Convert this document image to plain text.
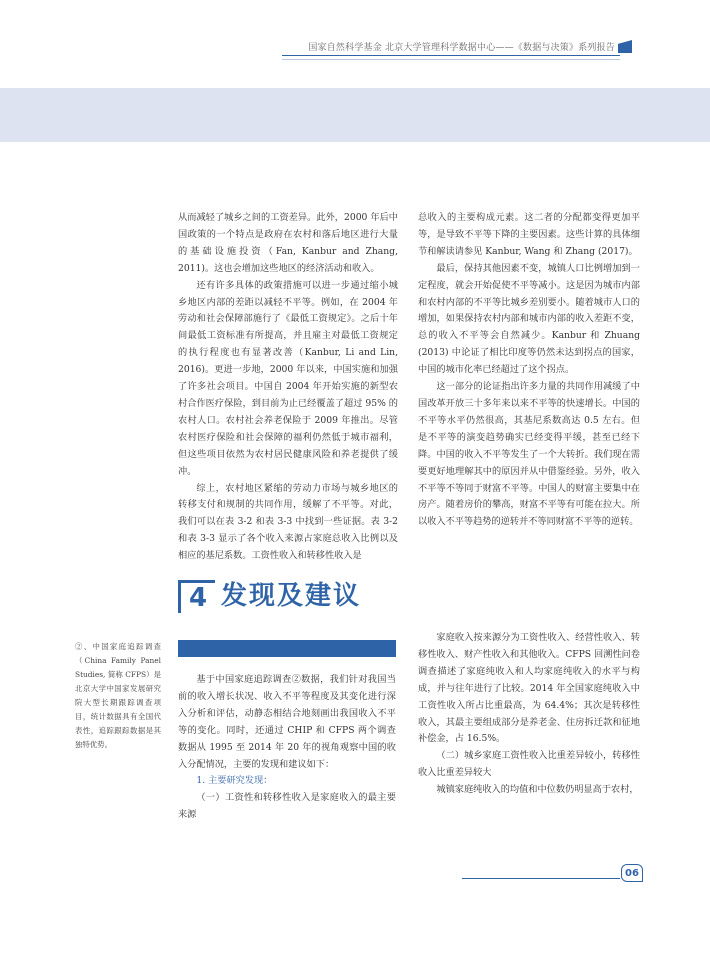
国家自然科学基金 北京大学管理科学数据中心——《数据与决策》系列报告

从而减轻了城乡之间的工资差异。此外，2000 年后中国政策的一个特点是政府在农村和落后地区进行大量的基础设施投资（Fan, Kanbur and Zhang, 2011)。这也会增加这些地区的经济活动和收入。

还有许多具体的政策措施可以进一步通过缩小城乡地区内部的差距以减轻不平等。例如，在 2004 年劳动和社会保障部施行了《最低工资规定》。之后十年间最低工资标准有所提高，并且雇主对最低工资规定的执行程度也有显著改善（Kanbur, Li and Lin, 2016)。更进一步地，2000 年以来，中国实施和加强了许多社会项目。中国自 2004 年开始实施的新型农村合作医疗保险，到目前为止已经覆盖了超过 95% 的农村人口。农村社会养老保险于 2009 年推出。尽管农村医疗保险和社会保障的福利仍然低于城市福利，但这些项目依然为农村居民健康风险和养老提供了缓冲。

综上，农村地区紧缩的劳动力市场与城乡地区的转移支付和规制的共同作用，缓解了不平等。对此，我们可以在表 3-2 和表 3-3 中找到一些证据。表 3-2 和表 3-3 显示了各个收入来源占家庭总收入比例以及相应的基尼系数。工资性收入和转移性收入是

总收入的主要构成元素。这二者的分配都变得更加平等，是导致不平等下降的主要因素。这些计算的具体细节和解读请参见 Kanbur, Wang 和 Zhang (2017)。

最后，保持其他因素不变，城镇人口比例增加到一定程度，就会开始促使不平等减小。这是因为城市内部和农村内部的不平等比城乡差别要小。随着城市人口的增加，如果保持农村内部和城市内部的收入差距不变，总的收入不平等会自然减少。Kanbur 和 Zhuang (2013) 中论证了相比印度等仍然未达到拐点的国家，中国的城市化率已经超过了这个拐点。

这一部分的论证指出许多力量的共同作用减缓了中国改革开放三十多年来以来不平等的快速增长。中国的不平等水平仍然很高，其基尼系数高达 0.5 左右。但是不平等的演变趋势确实已经变得平缓，甚至已经下降。中国的收入不平等发生了一个大转折。我们现在需要更好地理解其中的原因并从中借鉴经验。另外，收入不平等不等同于财富不平等。中国人的财富主要集中在房产。随着房价的攀高，财富不平等有可能在拉大。所以收入不平等趋势的逆转并不等同财富不平等的逆转。

4 发现及建议
②、中国家庭追踪调查（China Family Panel Studies, 简称 CFPS）是北京大学中国家发展研究院大型长期跟踪调查项目，统计数据具有全国代表性，追踪跟踪数据是其独特优势。

基于中国家庭追踪调查②数据，我们针对我国当前的收入增长状况、收入不平等程度及其变化进行深入分析和评估，动静态相结合地刻画出我国收入不平等的变化。同时，还通过 CHIP 和 CFPS 两个调查数据从 1995 至 2014 年 20 年的视角观察中国的收入分配情况，主要的发现和建议如下：

1. 主要研究发现：

（一）工资性和转移性收入是家庭收入的最主要来源

家庭收入按来源分为工资性收入、经营性收入、转移性收入、财产性收入和其他收入。CFPS 回溯性问卷调查描述了家庭纯收入和人均家庭纯收入的水平与构成，并与往年进行了比较。2014 年全国家庭纯收入中工资性收入所占比重最高，为 64.4%；其次是转移性收入，其最主要组成部分是养老金、住房拆迁款和征地补偿金，占 16.5%。

（二）城乡家庭工资性收入比重差异较小，转移性收入比重差异较大

城镇家庭纯收入的均值和中位数仍明显高于农村，

06
